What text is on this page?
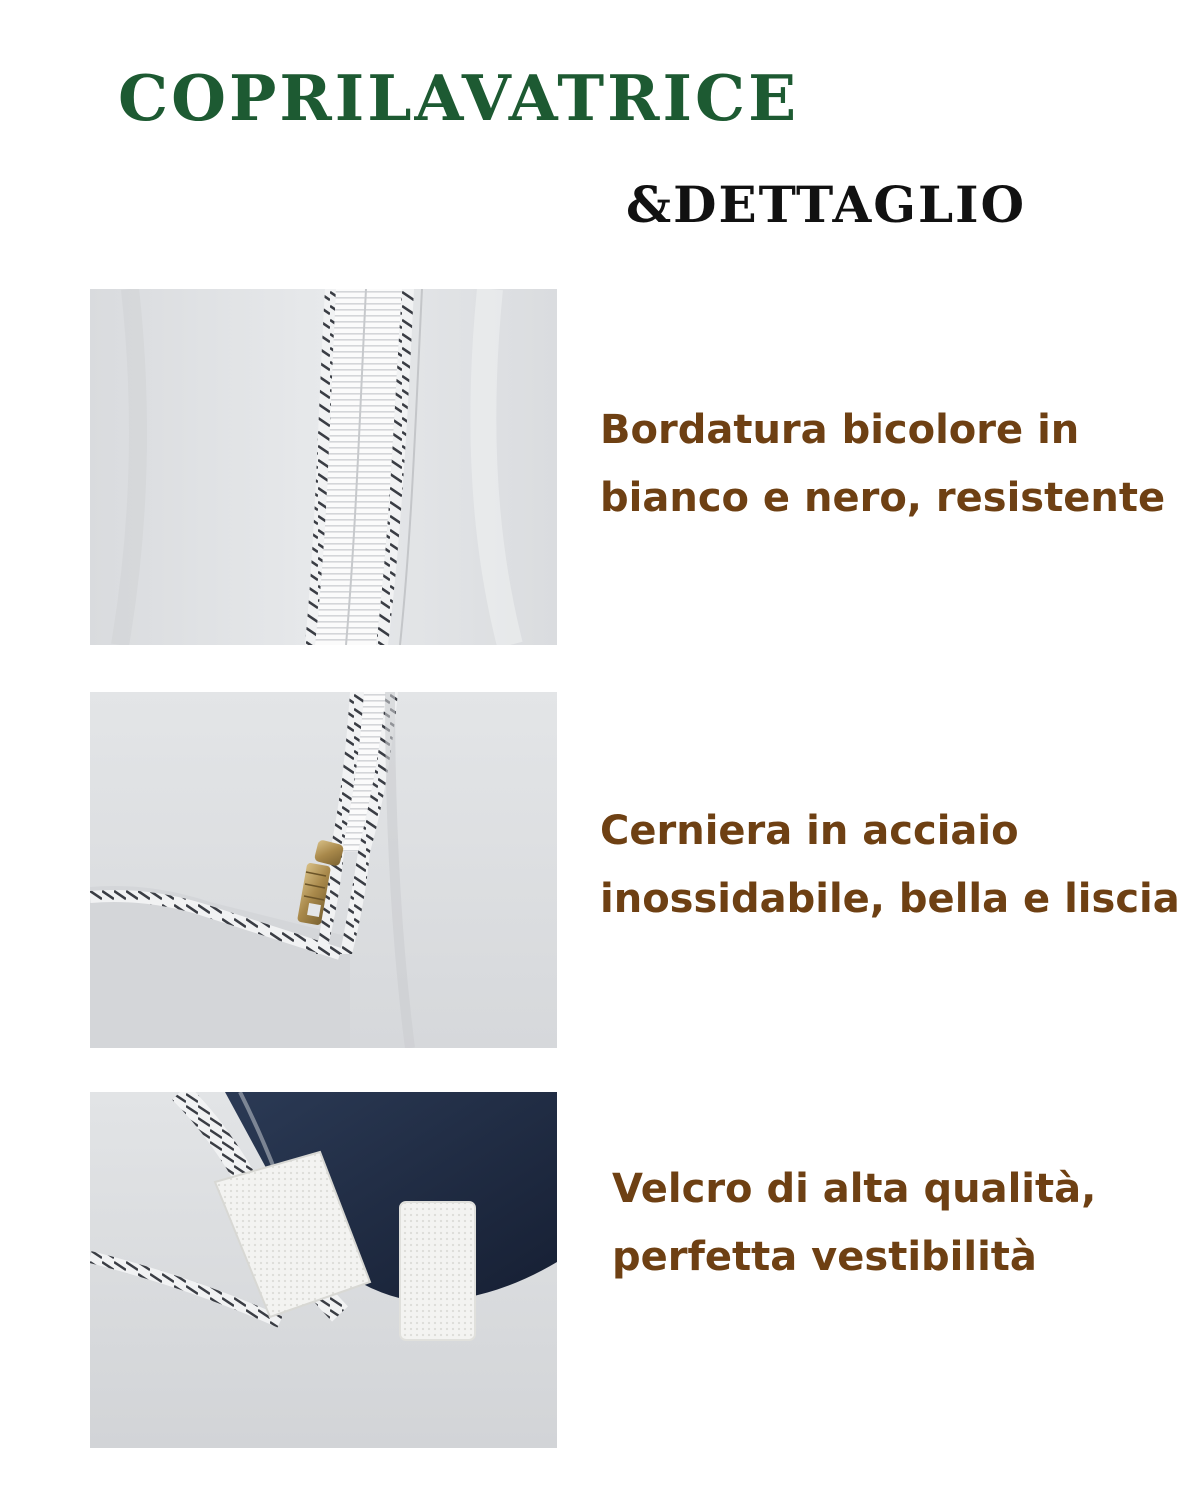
COPRILAVATRICE
&DETTAGLIO

Bordatura bicolore in
bianco e nero, resistente

Cerniera in acciaio
inossidabile, bella e liscia

Velcro di alta qualità,
perfetta vestibilità
